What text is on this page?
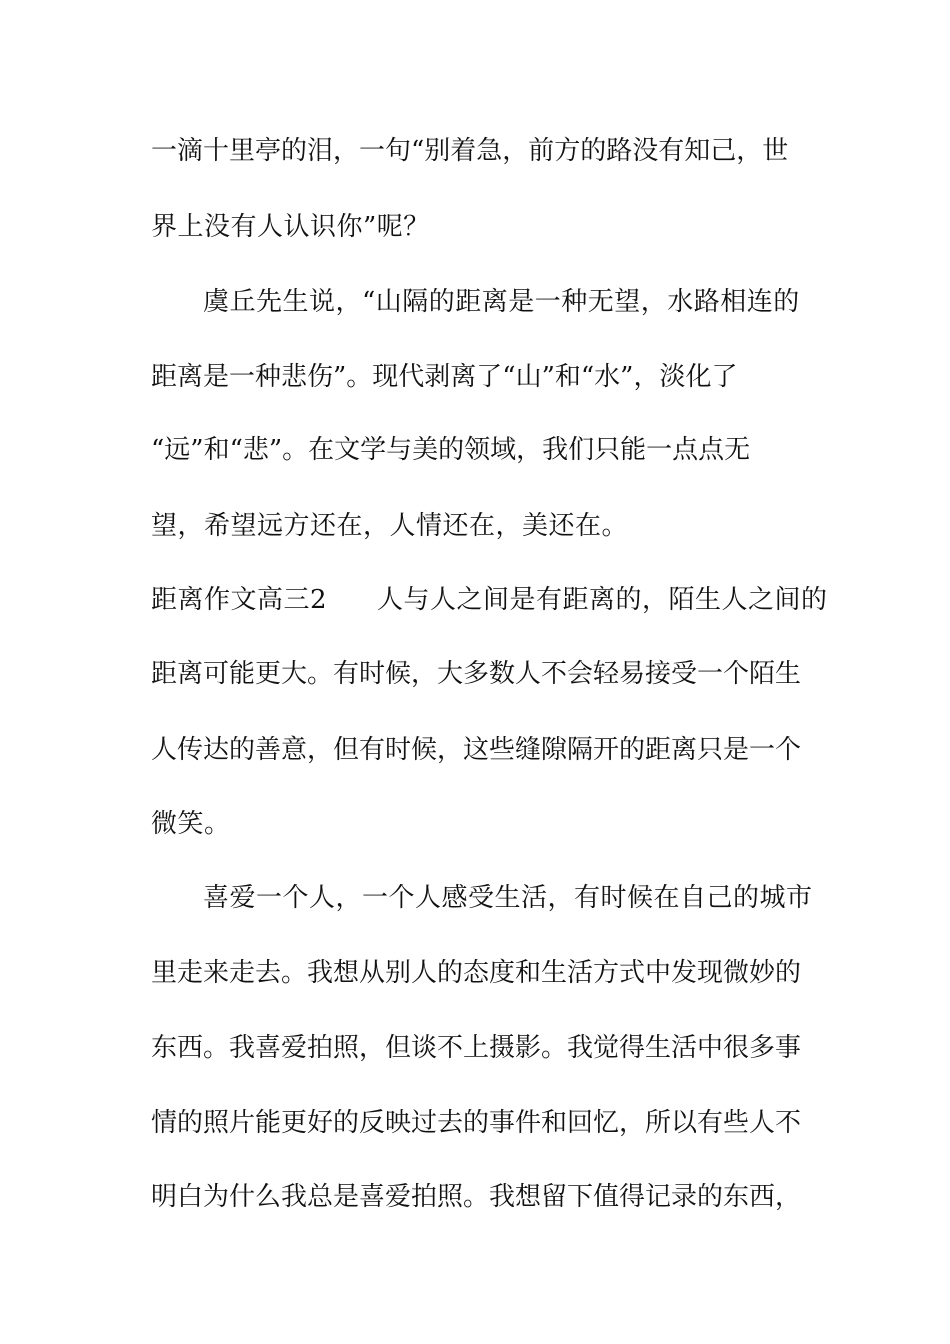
一滴十里亭的泪，一句“别着急，前方的路没有知己，世
界上没有人认识你”呢？
虞丘先生说，“山隔的距离是一种无望，水路相连的
距离是一种悲伤”。现代剥离了“山”和“水”，淡化了
“远”和“悲”。在文学与美的领域，我们只能一点点无
望，希望远方还在，人情还在，美还在。
距离作文高三2 人与人之间是有距离的，陌生人之间的
距离可能更大。有时候，大多数人不会轻易接受一个陌生
人传达的善意，但有时候，这些缝隙隔开的距离只是一个
微笑。
喜爱一个人，一个人感受生活，有时候在自己的城市
里走来走去。我想从别人的态度和生活方式中发现微妙的
东西。我喜爱拍照，但谈不上摄影。我觉得生活中很多事
情的照片能更好的反映过去的事件和回忆，所以有些人不
明白为什么我总是喜爱拍照。我想留下值得记录的东西，
